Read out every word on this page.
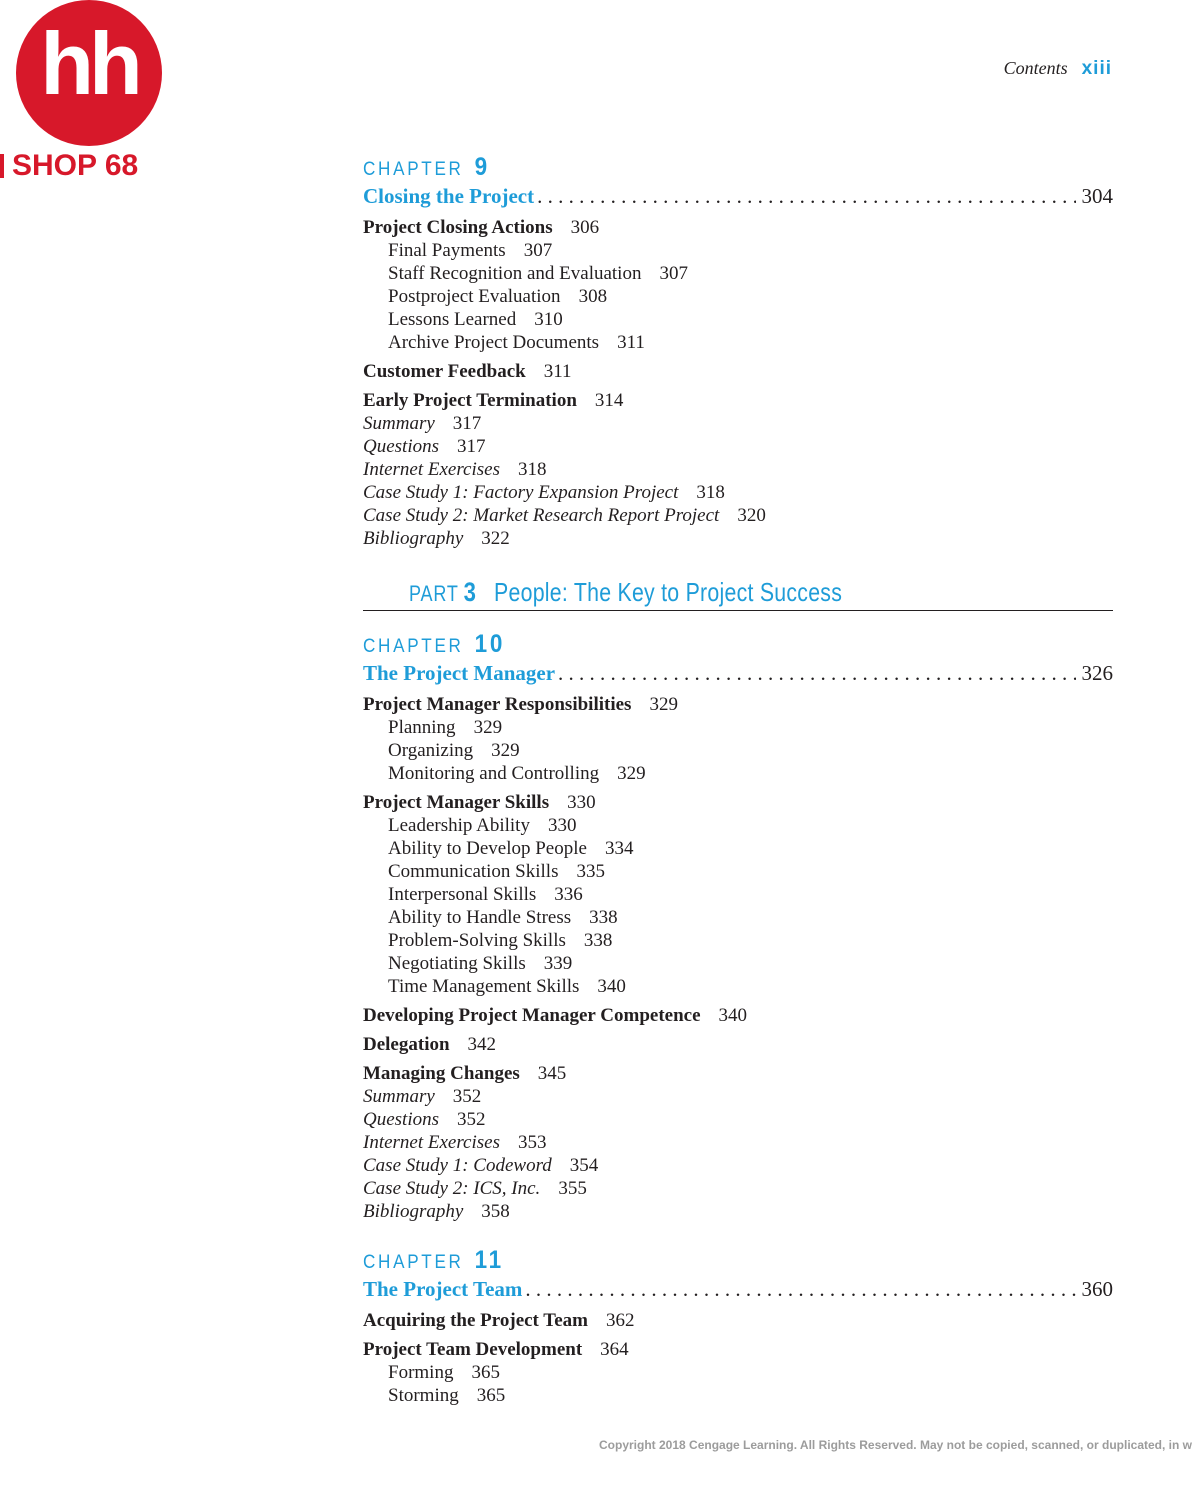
hh
SHOP 68
Contents xiii
CHAPTER 9
Closing the Project . . .	304
Project Closing Actions 306
Final Payments 307
Staff Recognition and Evaluation 307
Postproject Evaluation 308
Lessons Learned 310
Archive Project Documents 311
Customer Feedback 311
Early Project Termination 314
Summary 317
Questions 317
Internet Exercises 318
Case Study 1: Factory Expansion Project 318
Case Study 2: Market Research Report Project 320
Bibliography 322
PART 3 People: The Key to Project Success
CHAPTER 10
The Project Manager . . .	326
Project Manager Responsibilities 329
Planning 329
Organizing 329
Monitoring and Controlling 329
Project Manager Skills 330
Leadership Ability 330
Ability to Develop People 334
Communication Skills 335
Interpersonal Skills 336
Ability to Handle Stress 338
Problem-Solving Skills 338
Negotiating Skills 339
Time Management Skills 340
Developing Project Manager Competence 340
Delegation 342
Managing Changes 345
Summary 352
Questions 352
Internet Exercises 353
Case Study 1: Codeword 354
Case Study 2: ICS, Inc. 355
Bibliography 358
CHAPTER 11
The Project Team . . .	360
Acquiring the Project Team 362
Project Team Development 364
Forming 365
Storming 365
Copyright 2018 Cengage Learning. All Rights Reserved. May not be copied, scanned, or duplicated, in w
